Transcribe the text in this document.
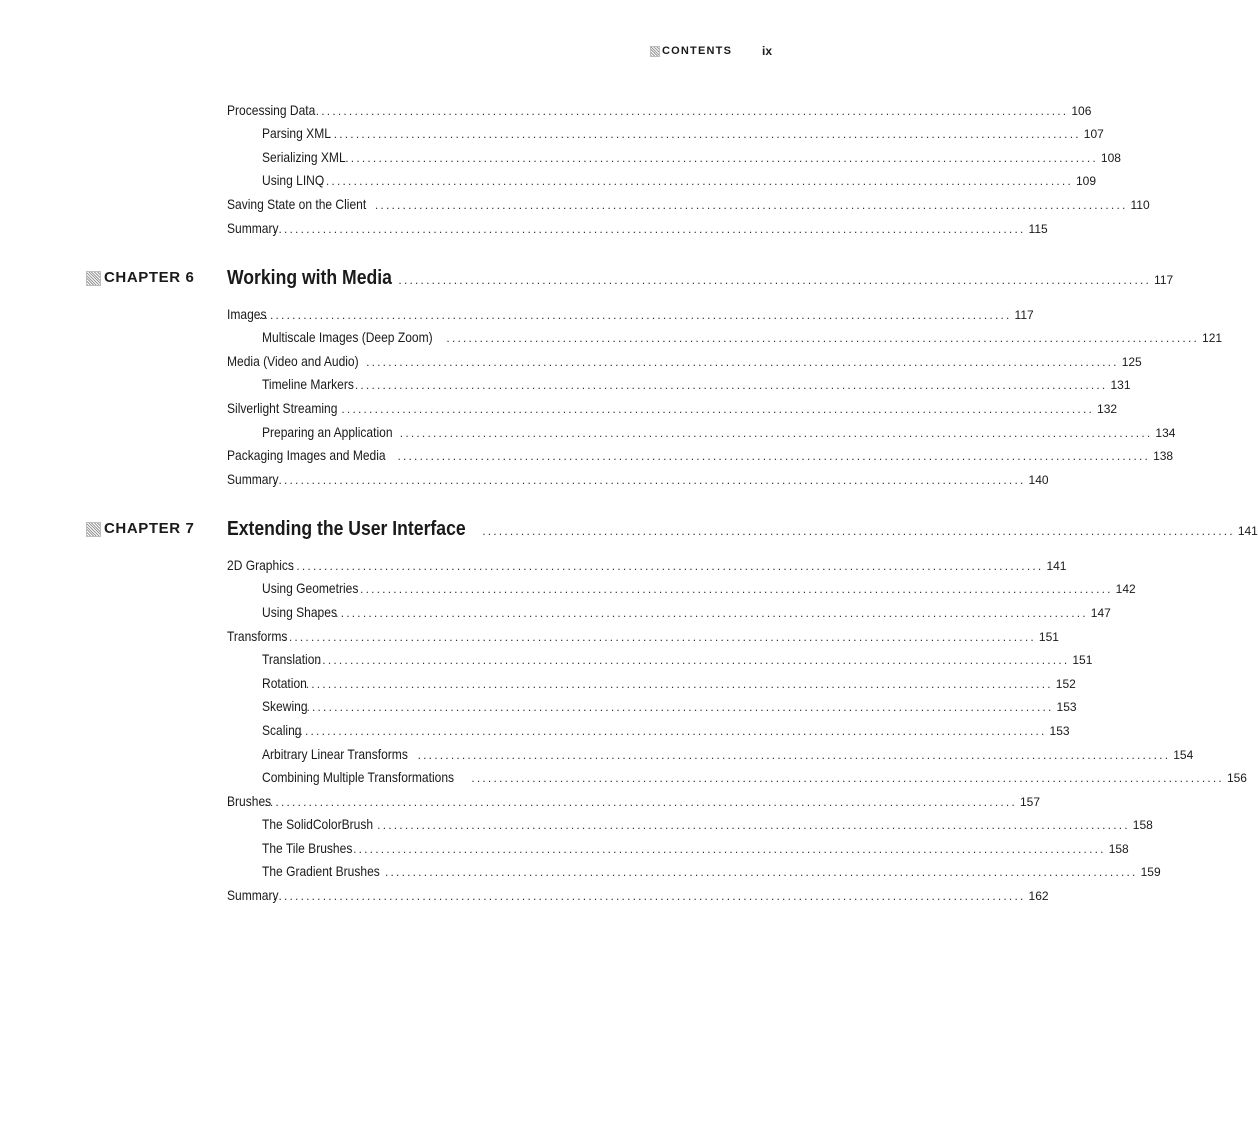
CONTENTS ix
Processing Data ........................................................................................................................................ 106
Parsing XML
........................................................................................................................................ 107
Serializing XML ........................................................................................................................................ 108
Using LINQ
........................................................................................................................................ 109
Saving State on the Client ........................................................................................................................................ 110
Summary
........................................................................................................................................ 115
CHAPTER 6 Working with Media ........................................................................................................................................ 117
Images
........................................................................................................................................ 117
Multiscale Images (Deep Zoom) ........................................................................................................................................ 121
Media (Video and Audio) ........................................................................................................................................ 125
Timeline Markers ........................................................................................................................................ 131
Silverlight Streaming ........................................................................................................................................ 132
Preparing an Application ........................................................................................................................................ 134
Packaging Images and Media ........................................................................................................................................ 138
Summary
........................................................................................................................................ 140
CHAPTER 7 Extending the User Interface ........................................................................................................................................ 141
2D Graphics
........................................................................................................................................ 141
Using Geometries ........................................................................................................................................ 142
Using Shapes
........................................................................................................................................ 147
Transforms
........................................................................................................................................ 151
Translation
........................................................................................................................................ 151
Rotation
........................................................................................................................................ 152
Skewing
........................................................................................................................................ 153
Scaling
........................................................................................................................................ 153
Arbitrary Linear Transforms ........................................................................................................................................ 154
Combining Multiple Transformations ........................................................................................................................................ 156
Brushes
........................................................................................................................................ 157
The SolidColorBrush ........................................................................................................................................ 158
The Tile Brushes ........................................................................................................................................ 158
The Gradient Brushes ........................................................................................................................................ 159
Summary
........................................................................................................................................ 162
